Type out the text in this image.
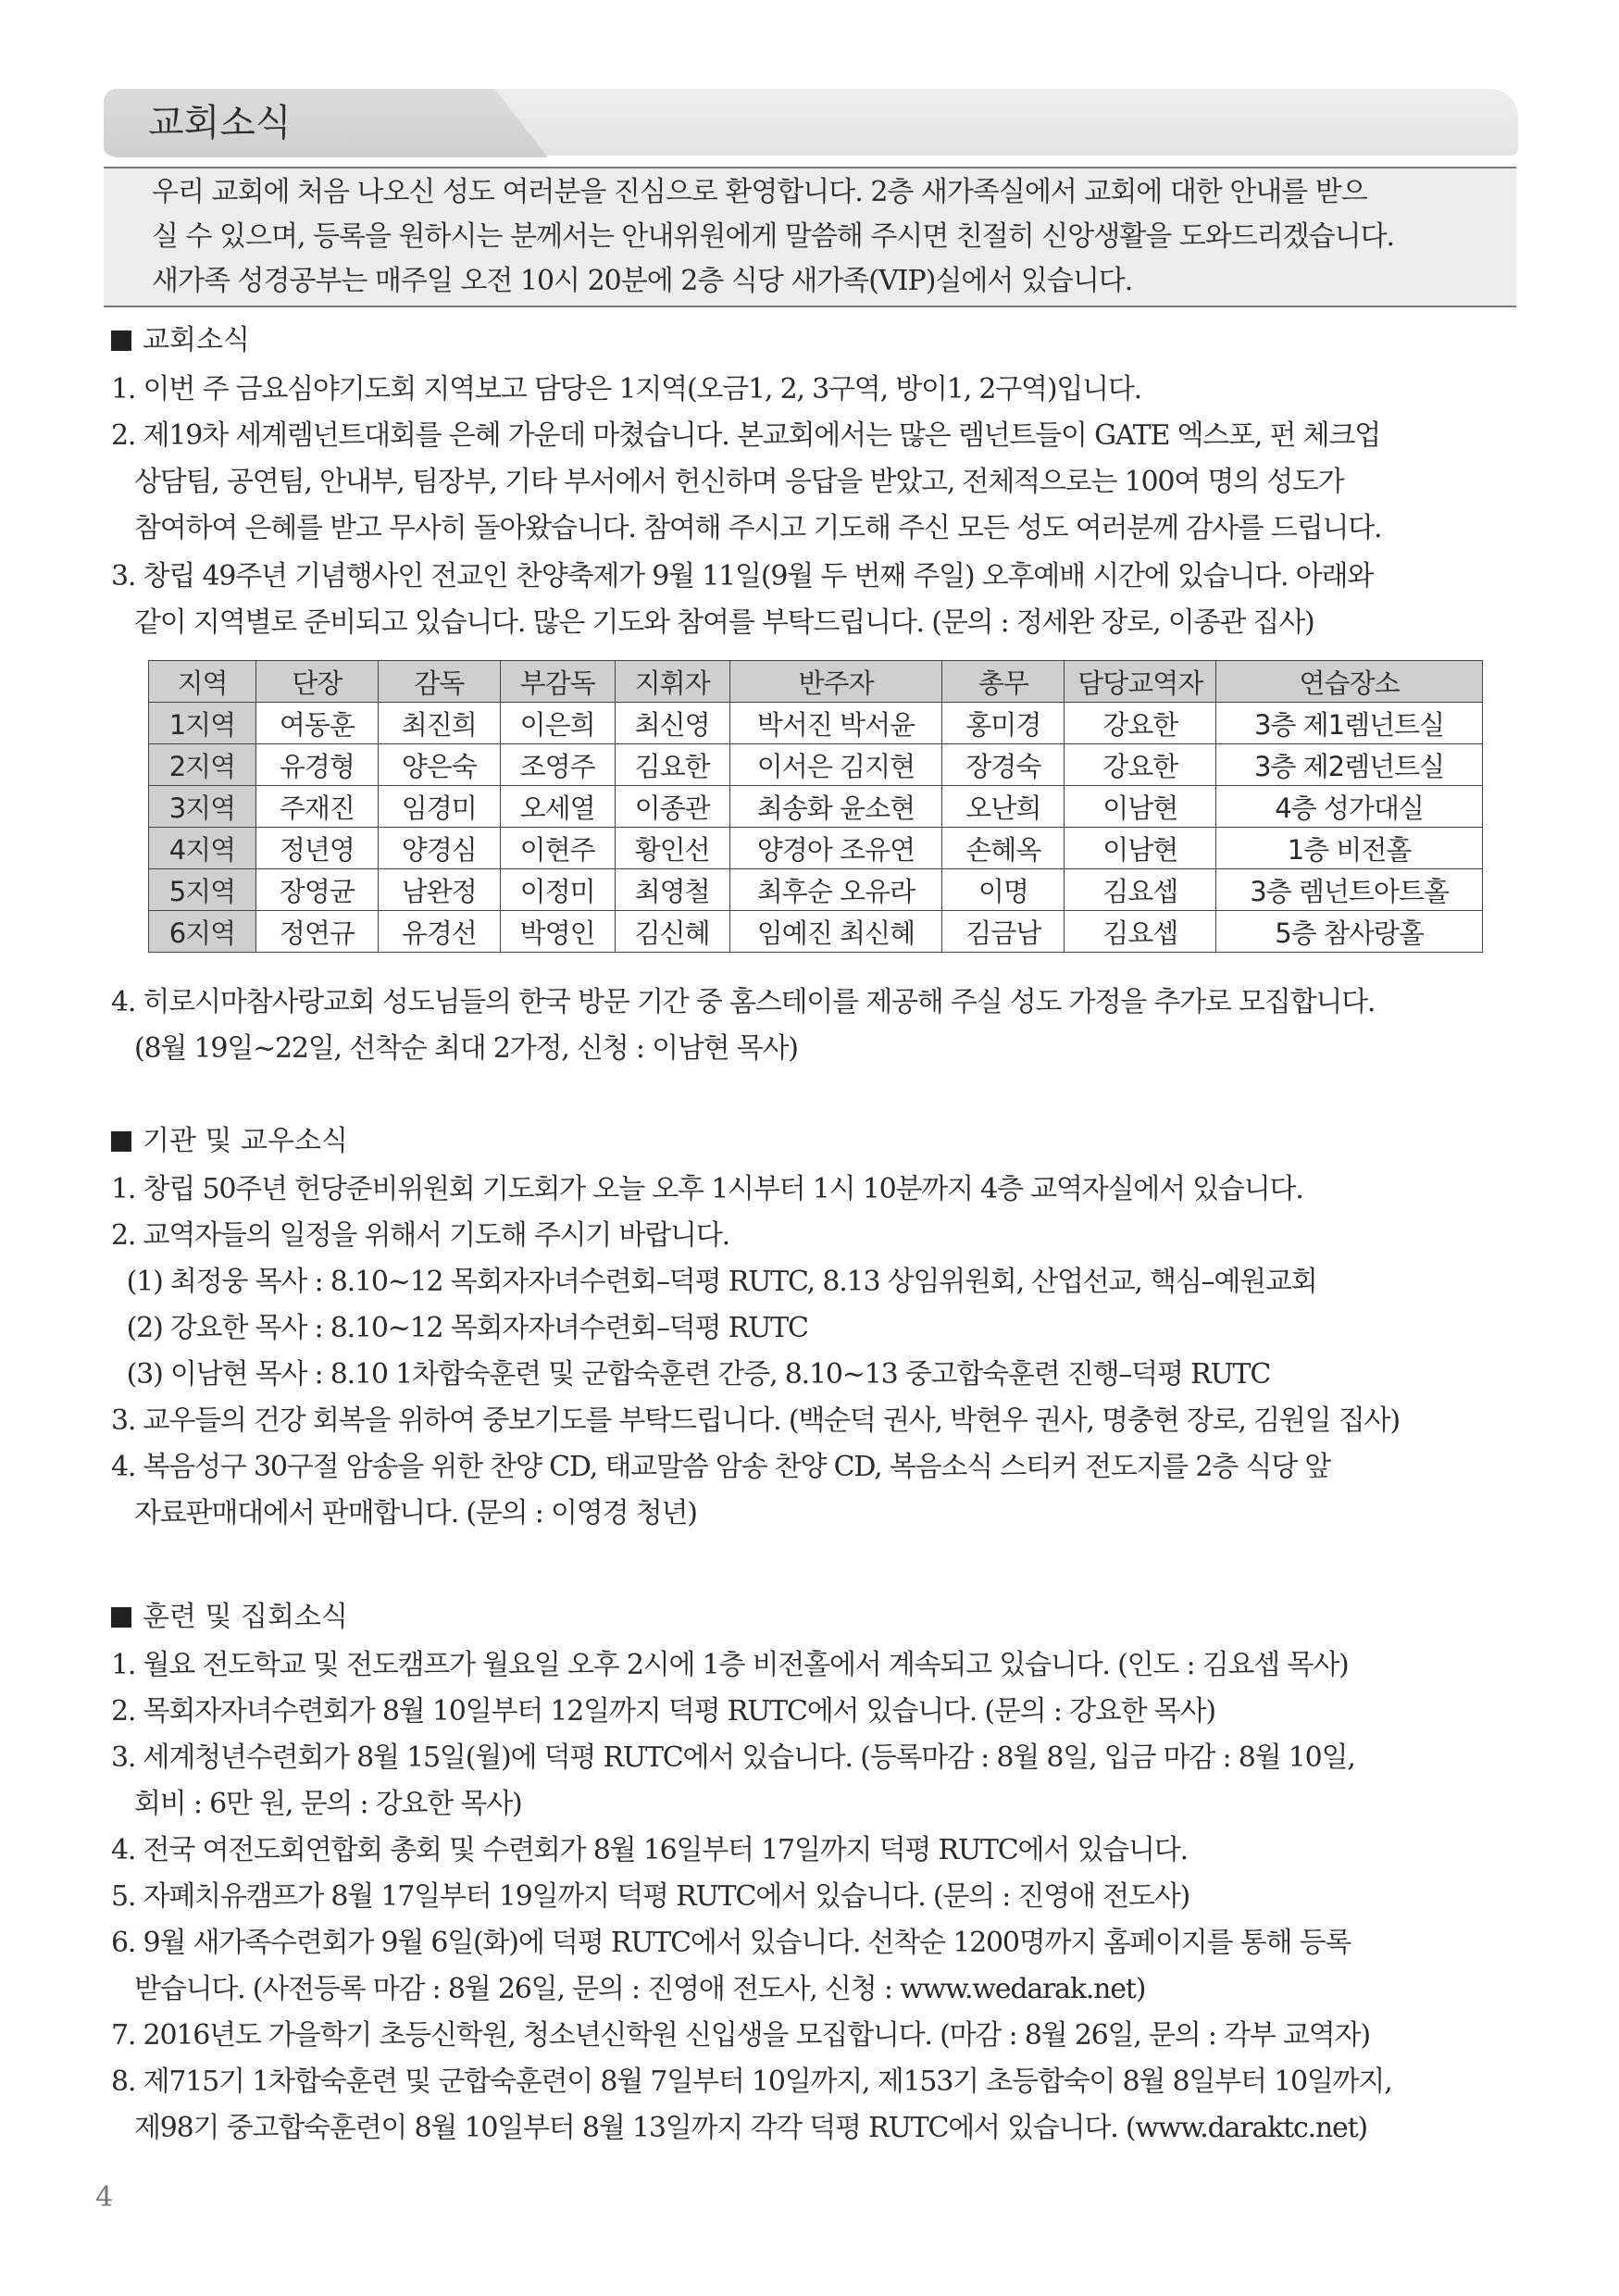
교회소식

우리 교회에 처음 나오신 성도 여러분을 진심으로 환영합니다. 2층 새가족실에서 교회에 대한 안내를 받으
실 수 있으며, 등록을 원하시는 분께서는 안내위원에게 말씀해 주시면 친절히 신앙생활을 도와드리겠습니다.
새가족 성경공부는 매주일 오전 10시 20분에 2층 식당 새가족(VIP)실에서 있습니다.

교회소식
1. 이번 주 금요심야기도회 지역보고 담당은 1지역(오금1, 2, 3구역, 방이1, 2구역)입니다.
2. 제19차 세계렘넌트대회를 은혜 가운데 마쳤습니다. 본교회에서는 많은 렘넌트들이 GATE 엑스포, 펀 체크업
상담팀, 공연팀, 안내부, 팀장부, 기타 부서에서 헌신하며 응답을 받았고, 전체적으로는 100여 명의 성도가
참여하여 은혜를 받고 무사히 돌아왔습니다. 참여해 주시고 기도해 주신 모든 성도 여러분께 감사를 드립니다.
3. 창립 49주년 기념행사인 전교인 찬양축제가 9월 11일(9월 두 번째 주일) 오후예배 시간에 있습니다. 아래와
같이 지역별로 준비되고 있습니다. 많은 기도와 참여를 부탁드립니다. (문의 : 정세완 장로, 이종관 집사)
지역	단장	감독	부감독	지휘자	반주자	총무	담당교역자	연습장소
1지역	여동훈	최진희	이은희	최신영	박서진 박서윤	홍미경	강요한	3층 제1렘넌트실
2지역	유경형	양은숙	조영주	김요한	이서은 김지현	장경숙	강요한	3층 제2렘넌트실
3지역	주재진	임경미	오세열	이종관	최송화 윤소현	오난희	이남현	4층 성가대실
4지역	정년영	양경심	이현주	황인선	양경아 조유연	손혜옥	이남현	1층 비전홀
5지역	장영균	남완정	이정미	최영철	최후순 오유라	이명	김요셉	3층 렘넌트아트홀
6지역	정연규	유경선	박영인	김신혜	임예진 최신혜	김금남	김요셉	5층 참사랑홀
4. 히로시마참사랑교회 성도님들의 한국 방문 기간 중 홈스테이를 제공해 주실 성도 가정을 추가로 모집합니다.
(8월 19일~22일, 선착순 최대 2가정, 신청 : 이남현 목사)
기관 및 교우소식
1. 창립 50주년 헌당준비위원회 기도회가 오늘 오후 1시부터 1시 10분까지 4층 교역자실에서 있습니다.
2. 교역자들의 일정을 위해서 기도해 주시기 바랍니다.
(1) 최정웅 목사 : 8.10~12 목회자자녀수련회–덕평 RUTC, 8.13 상임위원회, 산업선교, 핵심–예원교회
(2) 강요한 목사 : 8.10~12 목회자자녀수련회–덕평 RUTC
(3) 이남현 목사 : 8.10 1차합숙훈련 및 군합숙훈련 간증, 8.10~13 중고합숙훈련 진행–덕평 RUTC
3. 교우들의 건강 회복을 위하여 중보기도를 부탁드립니다. (백순덕 권사, 박현우 권사, 명충현 장로, 김원일 집사)
4. 복음성구 30구절 암송을 위한 찬양 CD, 태교말씀 암송 찬양 CD, 복음소식 스티커 전도지를 2층 식당 앞
자료판매대에서 판매합니다. (문의 : 이영경 청년)
훈련 및 집회소식
1. 월요 전도학교 및 전도캠프가 월요일 오후 2시에 1층 비전홀에서 계속되고 있습니다. (인도 : 김요셉 목사)
2. 목회자자녀수련회가 8월 10일부터 12일까지 덕평 RUTC에서 있습니다. (문의 : 강요한 목사)
3. 세계청년수련회가 8월 15일(월)에 덕평 RUTC에서 있습니다. (등록마감 : 8월 8일, 입금 마감 : 8월 10일,
회비 : 6만 원, 문의 : 강요한 목사)
4. 전국 여전도회연합회 총회 및 수련회가 8월 16일부터 17일까지 덕평 RUTC에서 있습니다.
5. 자폐치유캠프가 8월 17일부터 19일까지 덕평 RUTC에서 있습니다. (문의 : 진영애 전도사)
6. 9월 새가족수련회가 9월 6일(화)에 덕평 RUTC에서 있습니다. 선착순 1200명까지 홈페이지를 통해 등록
받습니다. (사전등록 마감 : 8월 26일, 문의 : 진영애 전도사, 신청 : www.wedarak.net)
7. 2016년도 가을학기 초등신학원, 청소년신학원 신입생을 모집합니다. (마감 : 8월 26일, 문의 : 각부 교역자)
8. 제715기 1차합숙훈련 및 군합숙훈련이 8월 7일부터 10일까지, 제153기 초등합숙이 8월 8일부터 10일까지,
제98기 중고합숙훈련이 8월 10일부터 8월 13일까지 각각 덕평 RUTC에서 있습니다. (www.daraktc.net)
4
